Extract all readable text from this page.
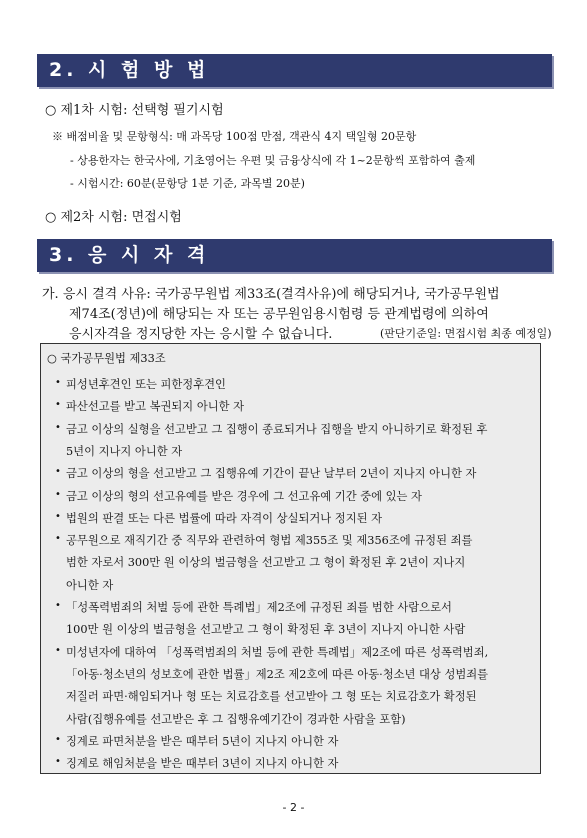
2. 시 험 방 법
○ 제1차 시험: 선택형 필기시험
※ 배점비율 및 문항형식: 매 과목당 100점 만점, 객관식 4지 택일형 20문항
- 상용한자는 한국사에, 기초영어는 우편 및 금융상식에 각 1~2문항씩 포함하여 출제
- 시험시간: 60분(문항당 1분 기준, 과목별 20분)
○ 제2차 시험: 면접시험
3. 응 시 자 격
가. 응시 결격 사유: 국가공무원법 제33조(결격사유)에 해당되거나, 국가공무원법
제74조(정년)에 해당되는 자 또는 공무원임용시험령 등 관계법령에 의하여
응시자격을 정지당한 자는 응시할 수 없습니다.	(판단기준일: 면접시험 최종 예정일)
○ 국가공무원법 제33조
• 피성년후견인 또는 피한정후견인
• 파산선고를 받고 복권되지 아니한 자
• 금고 이상의 실형을 선고받고 그 집행이 종료되거나 집행을 받지 아니하기로 확정된 후
5년이 지나지 아니한 자
• 금고 이상의 형을 선고받고 그 집행유예 기간이 끝난 날부터 2년이 지나지 아니한 자
• 금고 이상의 형의 선고유예를 받은 경우에 그 선고유예 기간 중에 있는 자
• 법원의 판결 또는 다른 법률에 따라 자격이 상실되거나 정지된 자
• 공무원으로 재직기간 중 직무와 관련하여 형법 제355조 및 제356조에 규정된 죄를
범한 자로서 300만 원 이상의 벌금형을 선고받고 그 형이 확정된 후 2년이 지나지
아니한 자
• 「성폭력범죄의 처벌 등에 관한 특례법」제2조에 규정된 죄를 범한 사람으로서
100만 원 이상의 벌금형을 선고받고 그 형이 확정된 후 3년이 지나지 아니한 사람
• 미성년자에 대하여 「성폭력범죄의 처벌 등에 관한 특례법」제2조에 따른 성폭력범죄,
「아동·청소년의 성보호에 관한 법률」제2조 제2호에 따른 아동·청소년 대상 성범죄를
저질러 파면·해임되거나 형 또는 치료감호를 선고받아 그 형 또는 치료감호가 확정된
사람(집행유예를 선고받은 후 그 집행유예기간이 경과한 사람을 포함)
• 징계로 파면처분을 받은 때부터 5년이 지나지 아니한 자
• 징계로 해임처분을 받은 때부터 3년이 지나지 아니한 자
- 2 -
